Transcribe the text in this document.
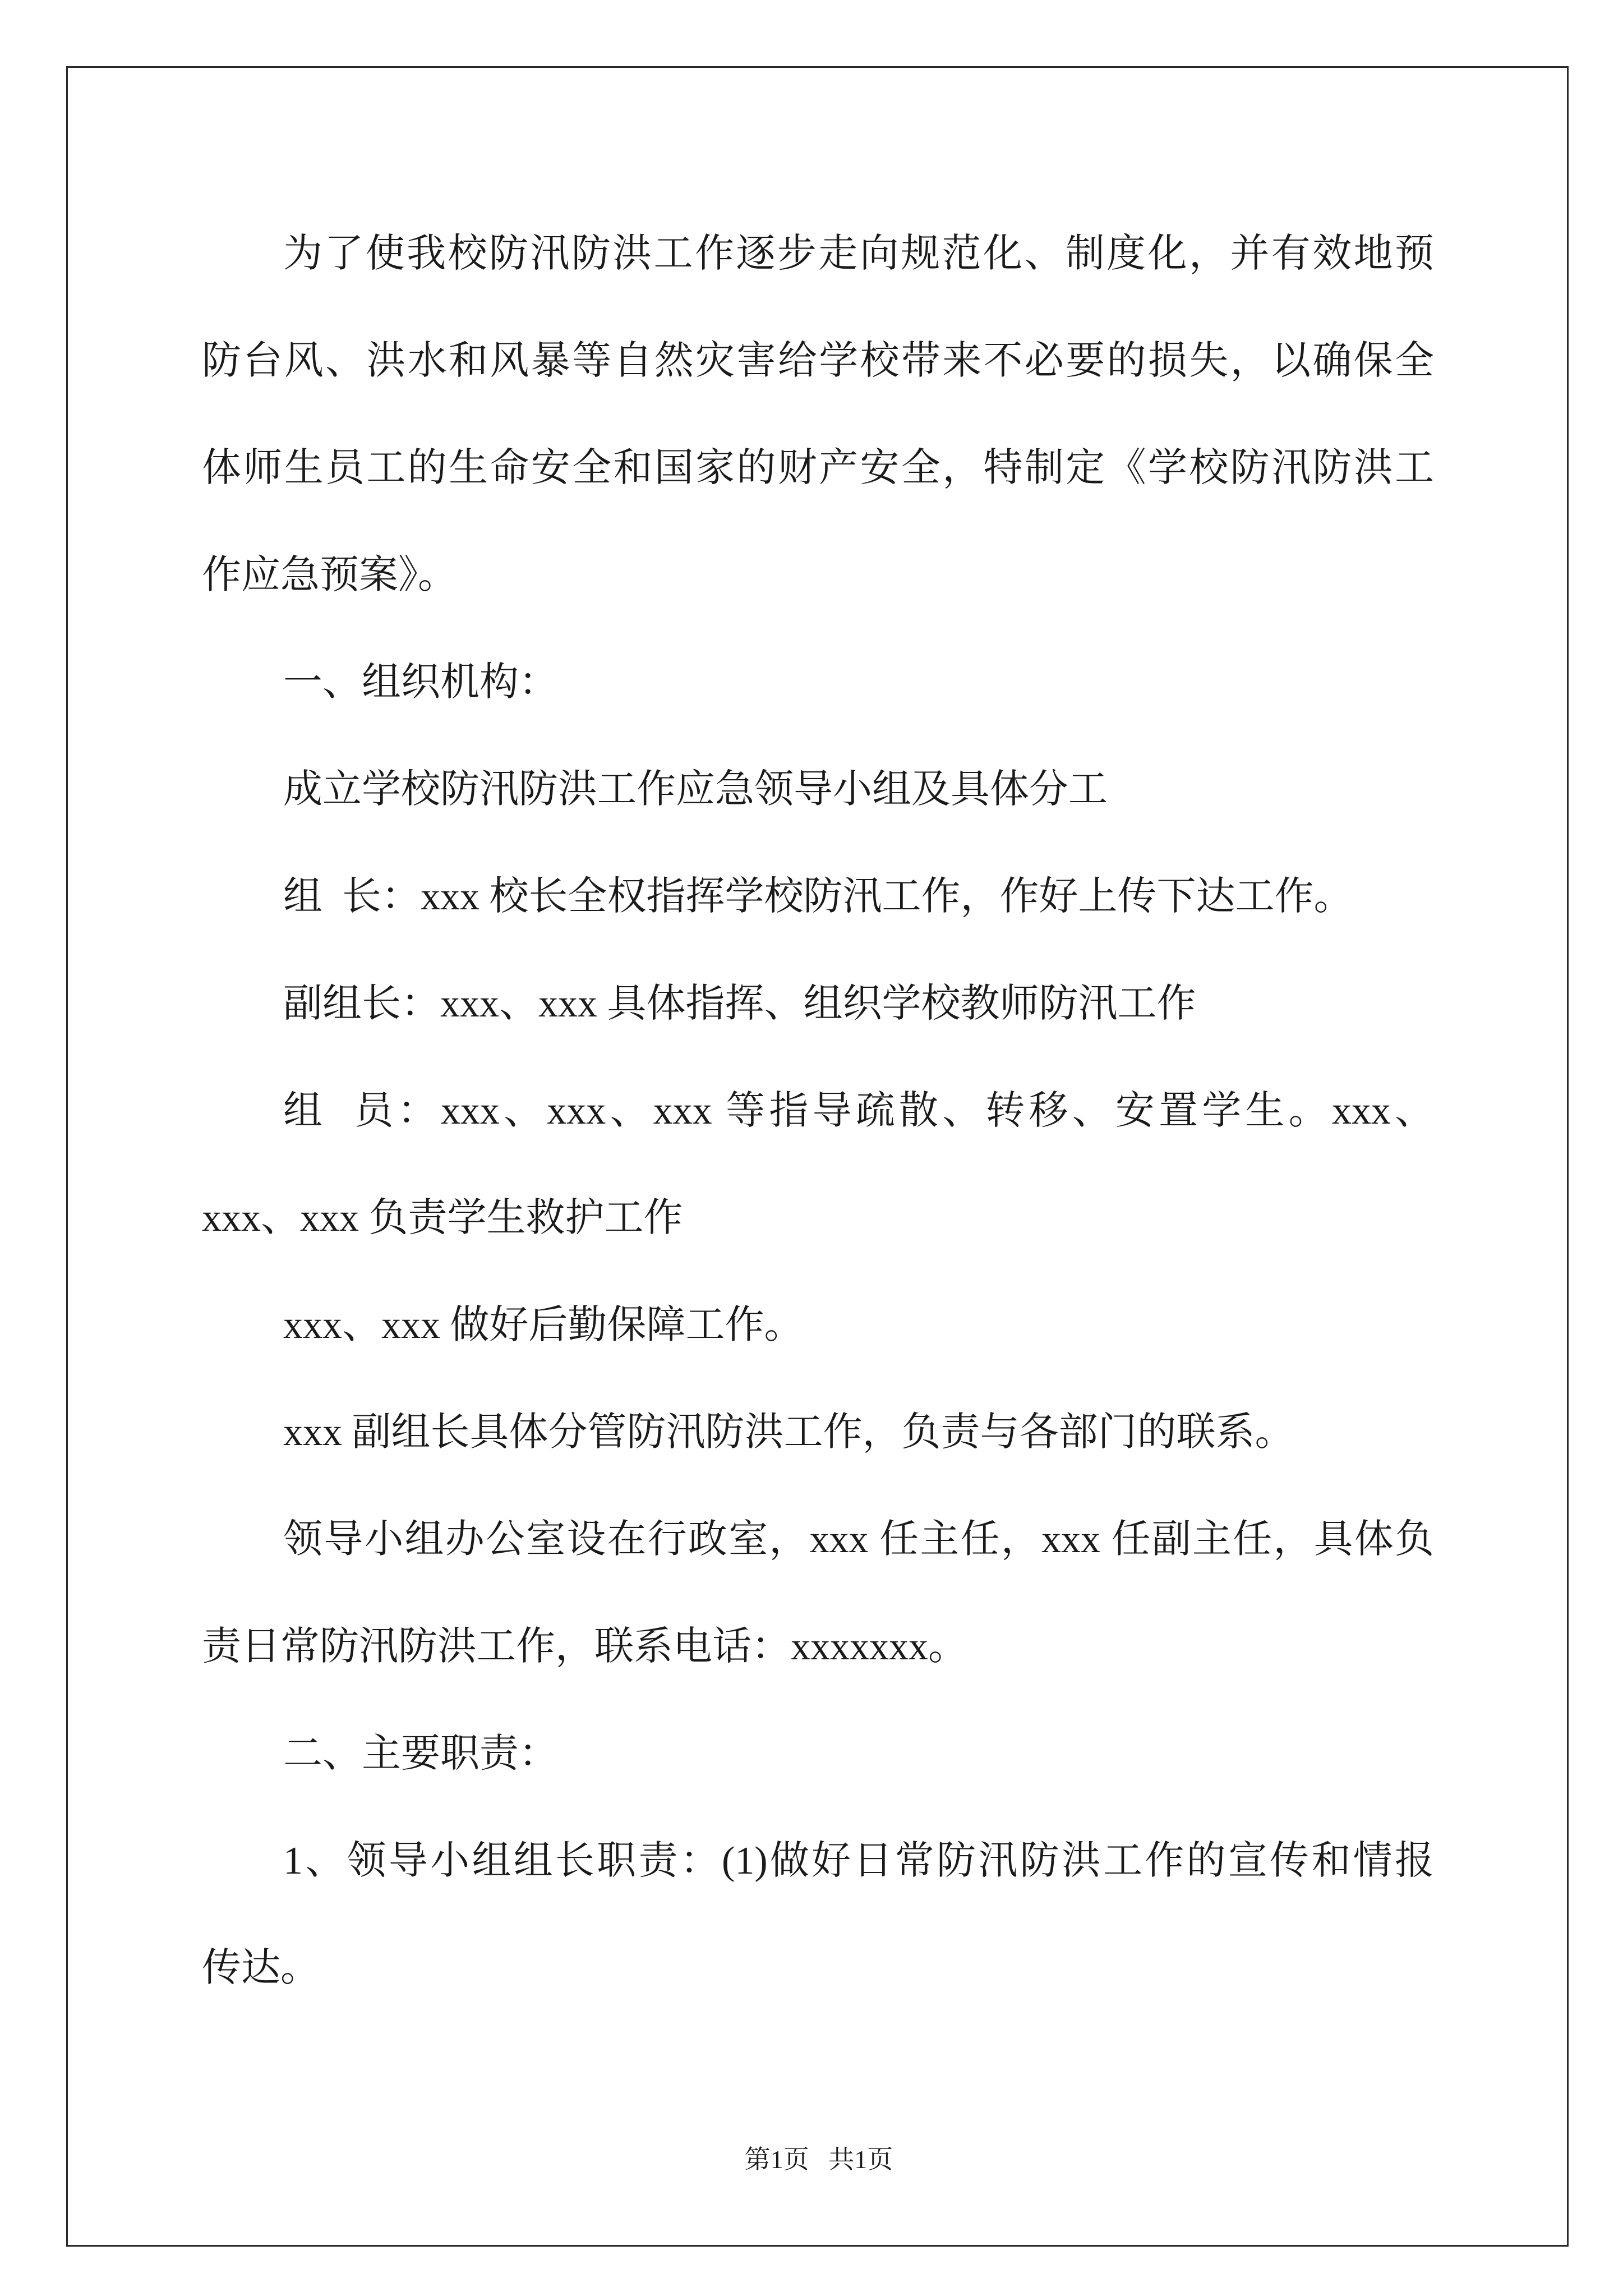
为了使我校防汛防洪工作逐步走向规范化、制度化，并有效地预
防台风、洪水和风暴等自然灾害给学校带来不必要的损失，以确保全
体师生员工的生命安全和国家的财产安全，特制定《学校防汛防洪工
作应急预案》。
一、组织机构：
成立学校防汛防洪工作应急领导小组及具体分工
组  长：xxx 校长全权指挥学校防汛工作，作好上传下达工作。
副组长：xxx、xxx 具体指挥、组织学校教师防汛工作
组  员：xxx、xxx、xxx 等指导疏散、转移、安置学生。xxx、
xxx、xxx 负责学生救护工作
xxx、xxx 做好后勤保障工作。
xxx 副组长具体分管防汛防洪工作，负责与各部门的联系。
领导小组办公室设在行政室，xxx 任主任，xxx 任副主任，具体负
责日常防汛防洪工作，联系电话：xxxxxxx。
二、主要职责：
1、领导小组组长职责：(1)做好日常防汛防洪工作的宣传和情报
传达。
第1页   共1页
